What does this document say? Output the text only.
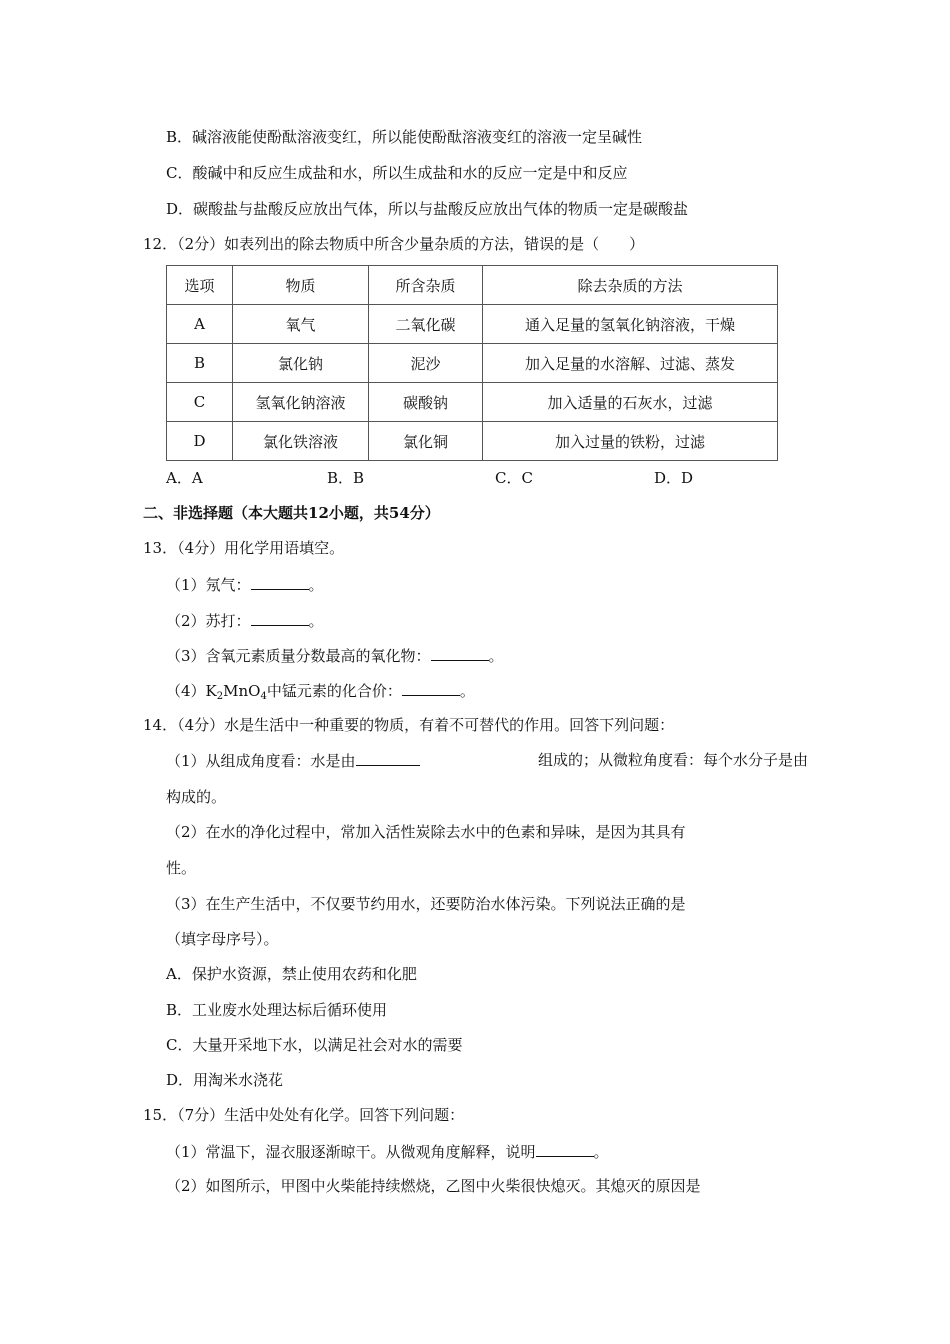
B．碱溶液能使酚酞溶液变红，所以能使酚酞溶液变红的溶液一定呈碱性
C．酸碱中和反应生成盐和水，所以生成盐和水的反应一定是中和反应
D．碳酸盐与盐酸反应放出气体，所以与盐酸反应放出气体的物质一定是碳酸盐
12．（2分）如表列出的除去物质中所含少量杂质的方法，错误的是（　　）
选项	物质	所含杂质	除去杂质的方法
A	氧气	二氧化碳	通入足量的氢氧化钠溶液，干燥
B	氯化钠	泥沙	加入足量的水溶解、过滤、蒸发
C	氢氧化钠溶液	碳酸钠	加入适量的石灰水，过滤
D	氯化铁溶液	氯化铜	加入过量的铁粉，过滤
A．A	B．B	C．C	D．D
二、非选择题（本大题共12小题，共54分）
13．（4分）用化学用语填空。
（1）氖气：	。
（2）苏打：	。
（3）含氧元素质量分数最高的氧化物：	。
$(4)K_2MnO_4$中锰元素的化合价：	。
14．（4分）水是生活中一种重要的物质，有着不可替代的作用。回答下列问题：
（1）从组成角度看：水是由	组成的；从微粒角度看：每个水分子是由
构成的。
（2）在水的净化过程中，常加入活性炭除去水中的色素和异味，是因为其具有
性。
（3）在生产生活中，不仅要节约用水，还要防治水体污染。下列说法正确的是
（填字母序号）。
A．保护水资源，禁止使用农药和化肥
B．工业废水处理达标后循环使用
C．大量开采地下水，以满足社会对水的需要
D．用淘米水浇花
15．（7分）生活中处处有化学。回答下列问题：
（1）常温下，湿衣服逐渐晾干。从微观角度解释，说明	。
（2）如图所示，甲图中火柴能持续燃烧，乙图中火柴很快熄灭。其熄灭的原因是
